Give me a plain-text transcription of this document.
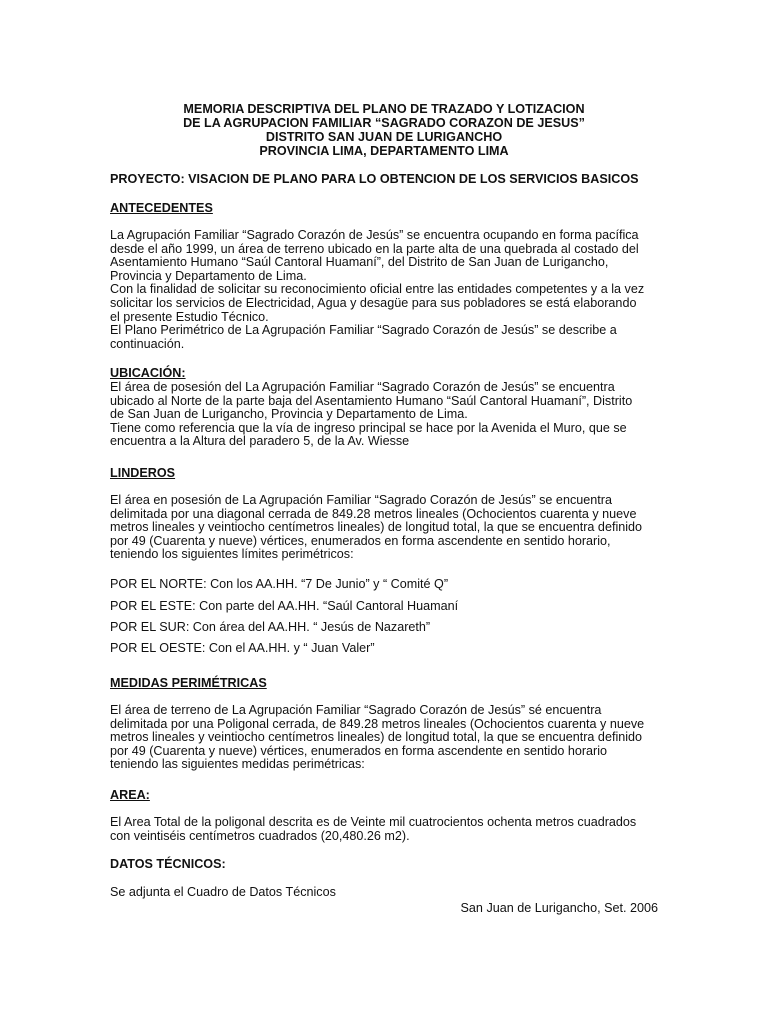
MEMORIA DESCRIPTIVA DEL PLANO DE TRAZADO Y LOTIZACION
DE LA AGRUPACION FAMILIAR “SAGRADO CORAZON DE JESUS”
DISTRITO SAN JUAN DE LURIGANCHO
PROVINCIA LIMA, DEPARTAMENTO LIMA
PROYECTO: VISACION DE PLANO PARA LO OBTENCION DE LOS SERVICIOS BASICOS
ANTECEDENTES
La Agrupación Familiar “Sagrado Corazón de Jesús” se encuentra ocupando en forma pacífica
desde el año 1999, un área de terreno ubicado en la parte alta de una quebrada al costado del
Asentamiento Humano “Saúl Cantoral Huamaní”, del Distrito de San Juan de Lurigancho,
Provincia y Departamento de Lima.
Con la finalidad de solicitar su reconocimiento oficial entre las entidades competentes y a la vez
solicitar los servicios de Electricidad, Agua y desagüe para sus pobladores se está elaborando
el presente Estudio Técnico.
El Plano Perimétrico de La Agrupación Familiar “Sagrado Corazón de Jesús” se describe a
continuación.
UBICACIÓN:
El área de posesión del La Agrupación Familiar “Sagrado Corazón de Jesús” se encuentra
ubicado al Norte de la parte baja del Asentamiento Humano “Saúl Cantoral Huamaní”, Distrito
de San Juan de Lurigancho, Provincia y Departamento de Lima.
Tiene como referencia que la vía de ingreso principal se hace por la Avenida el Muro, que se
encuentra a la Altura del paradero 5, de la Av. Wiesse
LINDEROS
El área en posesión de La Agrupación Familiar “Sagrado Corazón de Jesús” se encuentra
delimitada por una diagonal cerrada de 849.28 metros lineales (Ochocientos cuarenta y nueve
metros lineales y veintiocho centímetros lineales) de longitud total, la que se encuentra definido
por 49 (Cuarenta y nueve) vértices, enumerados en forma ascendente en sentido horario,
teniendo los siguientes límites perimétricos:
POR EL NORTE: Con los AA.HH. “7 De Junio” y “ Comité Q”
POR EL ESTE: Con parte del AA.HH. “Saúl Cantoral Huamaní
POR EL SUR: Con área del AA.HH. “ Jesús de Nazareth”
POR EL OESTE: Con el AA.HH. y “ Juan Valer”
MEDIDAS PERIMÉTRICAS
El área de terreno de La Agrupación Familiar “Sagrado Corazón de Jesús” sé encuentra
delimitada por una Poligonal cerrada, de 849.28 metros lineales (Ochocientos cuarenta y nueve
metros lineales y veintiocho centímetros lineales) de longitud total, la que se encuentra definido
por 49 (Cuarenta y nueve) vértices, enumerados en forma ascendente en sentido horario
teniendo las siguientes medidas perimétricas:
AREA:
El Area Total de la poligonal descrita es de Veinte mil cuatrocientos ochenta metros cuadrados
con veintiséis centímetros cuadrados (20,480.26 m2).
DATOS TÉCNICOS:
Se adjunta el Cuadro de Datos Técnicos
San Juan de Lurigancho, Set. 2006
